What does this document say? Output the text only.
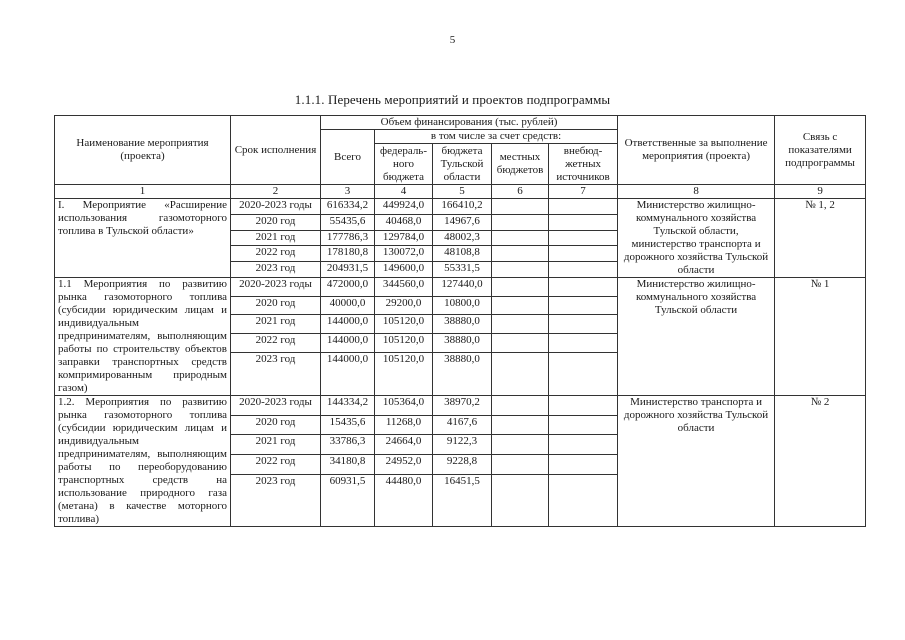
5
1.1.1. Перечень мероприятий и проектов подпрограммы
Наименование мероприятия (проекта)	Срок исполнения	Объем финансирования (тыс. рублей)					Ответственные за выполнение мероприятия (проекта)	Связь с показателями подпрограммы
		Всего	в том числе за счет средств:					
			федераль-ного бюджета	бюджета Тульской области	местных бюджетов	внебюд-жетных источников		
1	2	3	4	5	6	7	8	9
I. Мероприятие «Расширение использования газомоторного топлива в Тульской области»	2020-2023 годы	616334,2	449924,0	166410,2			Министерство жилищно-коммунального хозяйства Тульской области, министерство транспорта и дорожного хозяйства Тульской области	№ 1, 2
	2020 год	55435,6	40468,0	14967,6				
	2021 год	177786,3	129784,0	48002,3				
	2022 год	178180,8	130072,0	48108,8				
	2023 год	204931,5	149600,0	55331,5				
1.1 Мероприятия по развитию рынка газомоторного топлива (субсидии юридическим лицам и индивидуальным предпринимателям, выполняющим работы по строительству объектов заправки транспортных средств компримированным природным газом)	2020-2023 годы	472000,0	344560,0	127440,0			Министерство жилищно-коммунального хозяйства Тульской области	№ 1
	2020 год	40000,0	29200,0	10800,0				
	2021 год	144000,0	105120,0	38880,0				
	2022 год	144000,0	105120,0	38880,0				
	2023 год	144000,0	105120,0	38880,0				
1.2. Мероприятия по развитию рынка газомоторного топлива (субсидии юридическим лицам и индивидуальным предпринимателям, выполняющим работы по переоборудованию транспортных средств на использование природного газа (метана) в качестве моторного топлива)	2020-2023 годы	144334,2	105364,0	38970,2			Министерство транспорта и дорожного хозяйства Тульской области	№ 2
	2020 год	15435,6	11268,0	4167,6				
	2021 год	33786,3	24664,0	9122,3				
	2022 год	34180,8	24952,0	9228,8				
	2023 год	60931,5	44480,0	16451,5				
